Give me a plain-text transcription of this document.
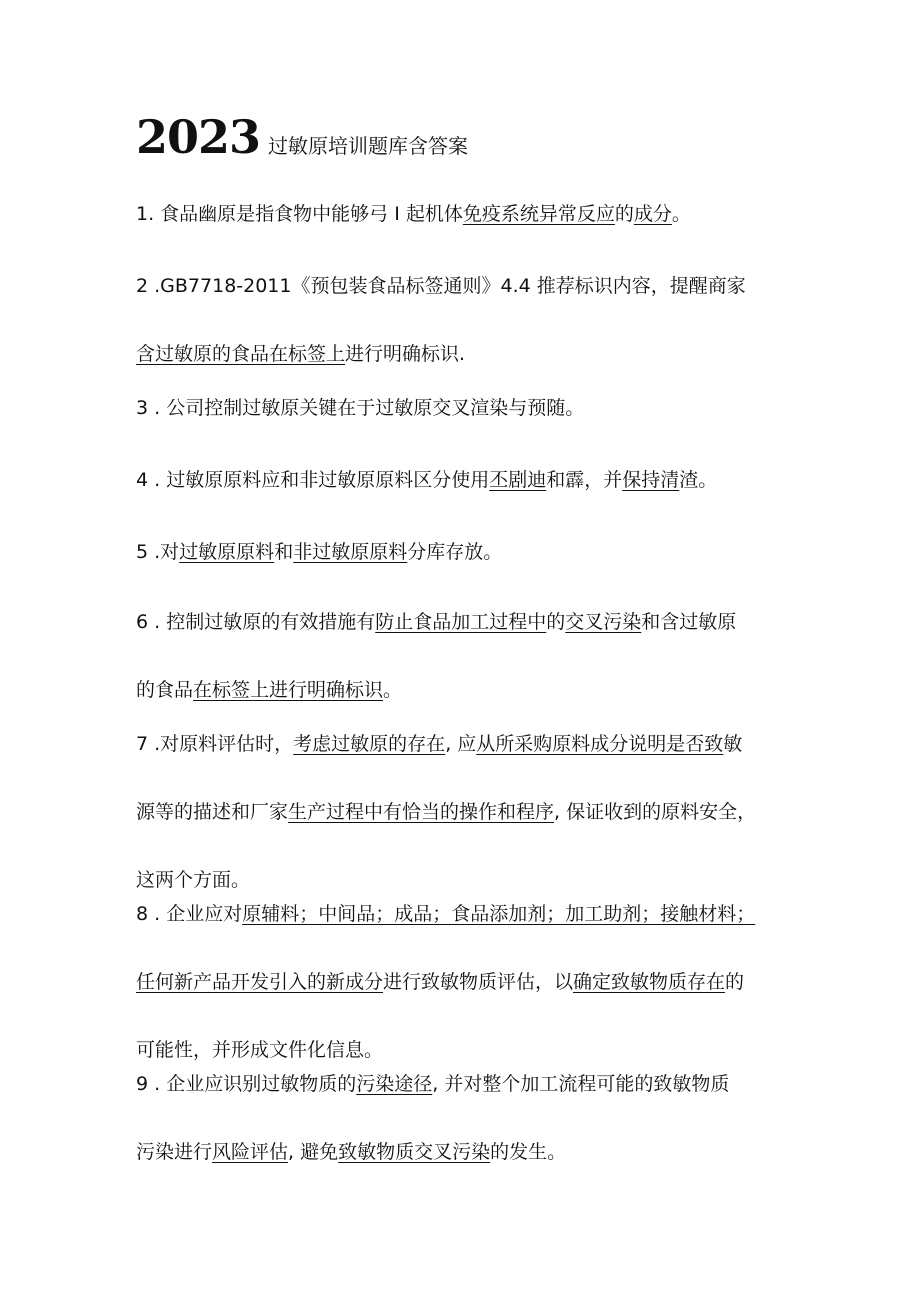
2023 过敏原培训题库含答案
1. 食品幽原是指食物中能够弓 I 起机体免疫系统异常反应的成分。
2 .GB7718-2011《预包装食品标签通则》4.4 推荐标识内容，提醒商家
含过敏原的食品在标签上进行明确标识.
3 . 公司控制过敏原关键在于过敏原交叉渲染与预随。
4 . 过敏原原料应和非过敏原原料区分使用丕剧迪和霹，并保持清渣。
5 .对过敏原原料和非过敏原原料分库存放。
6 . 控制过敏原的有效措施有防止食品加工过程中的交叉污染和含过敏原
的食品在标签上进行明确标识。
7 .对原料评估时，考虑过敏原的存在, 应从所采购原料成分说明是否致敏
源等的描述和厂家生产过程中有恰当的操作和程序, 保证收到的原料安全，
这两个方面。
8 . 企业应对原辅料；中间品；成品；食品添加剂；加工助剂；接触材料；
任何新产品开发引入的新成分进行致敏物质评估，以确定致敏物质存在的
可能性，并形成文件化信息。
9 . 企业应识别过敏物质的污染途径, 并对整个加工流程可能的致敏物质
污染进行风险评估, 避免致敏物质交叉污染的发生。
